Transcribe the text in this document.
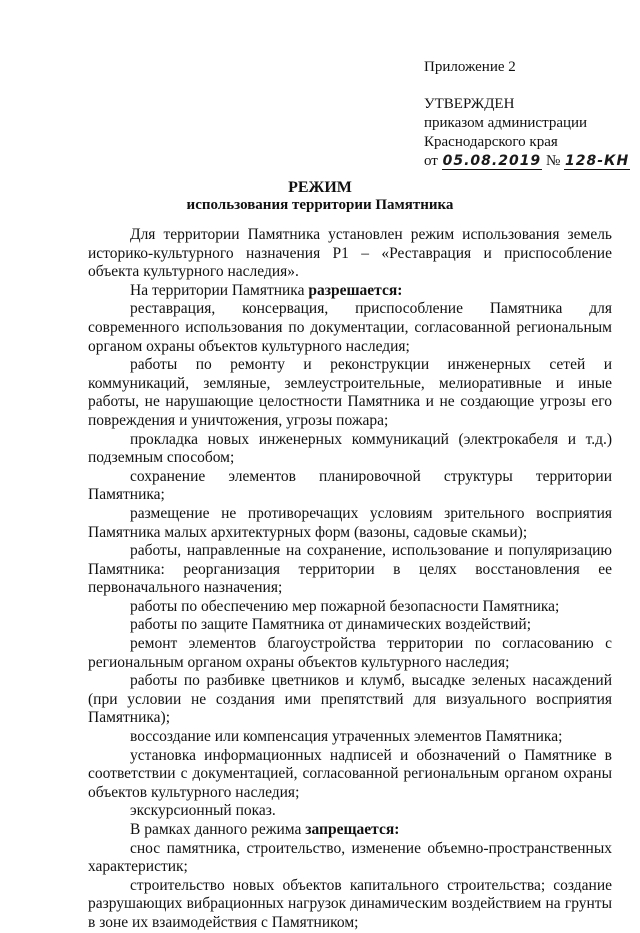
Приложение 2
УТВЕРЖДЕН
приказом администрации
Краснодарского края
от 05.08.2019 № 128-КН
РЕЖИМ
использования территории Памятника

Для территории Памятника установлен режим использования земель историко-культурного назначения Р1 – «Реставрация и приспособление объекта культурного наследия».

На территории Памятника разрешается:

реставрация, консервация, приспособление Памятника для современного использования по документации, согласованной региональным органом охраны объектов культурного наследия;

работы по ремонту и реконструкции инженерных сетей и коммуникаций, земляные, землеустроительные, мелиоративные и иные работы, не нарушающие целостности Памятника и не создающие угрозы его повреждения и уничтожения, угрозы пожара;

прокладка новых инженерных коммуникаций (электрокабеля и т.д.) подземным способом;

сохранение элементов планировочной структуры территории Памятника;

размещение не противоречащих условиям зрительного восприятия Памятника малых архитектурных форм (вазоны, садовые скамьи);

работы, направленные на сохранение, использование и популяризацию Памятника: реорганизация территории в целях восстановления ее первоначального назначения;

работы по обеспечению мер пожарной безопасности Памятника;

работы по защите Памятника от динамических воздействий;

ремонт элементов благоустройства территории по согласованию с региональным органом охраны объектов культурного наследия;

работы по разбивке цветников и клумб, высадке зеленых насаждений (при условии не создания ими препятствий для визуального восприятия Памятника);

воссоздание или компенсация утраченных элементов Памятника;

установка информационных надписей и обозначений о Памятнике в соответствии с документацией, согласованной региональным органом охраны объектов культурного наследия;

экскурсионный показ.

В рамках данного режима запрещается:

снос памятника, строительство, изменение объемно-пространственных характеристик;

строительство новых объектов капитального строительства; создание разрушающих вибрационных нагрузок динамическим воздействием на грунты в зоне их взаимодействия с Памятником;
